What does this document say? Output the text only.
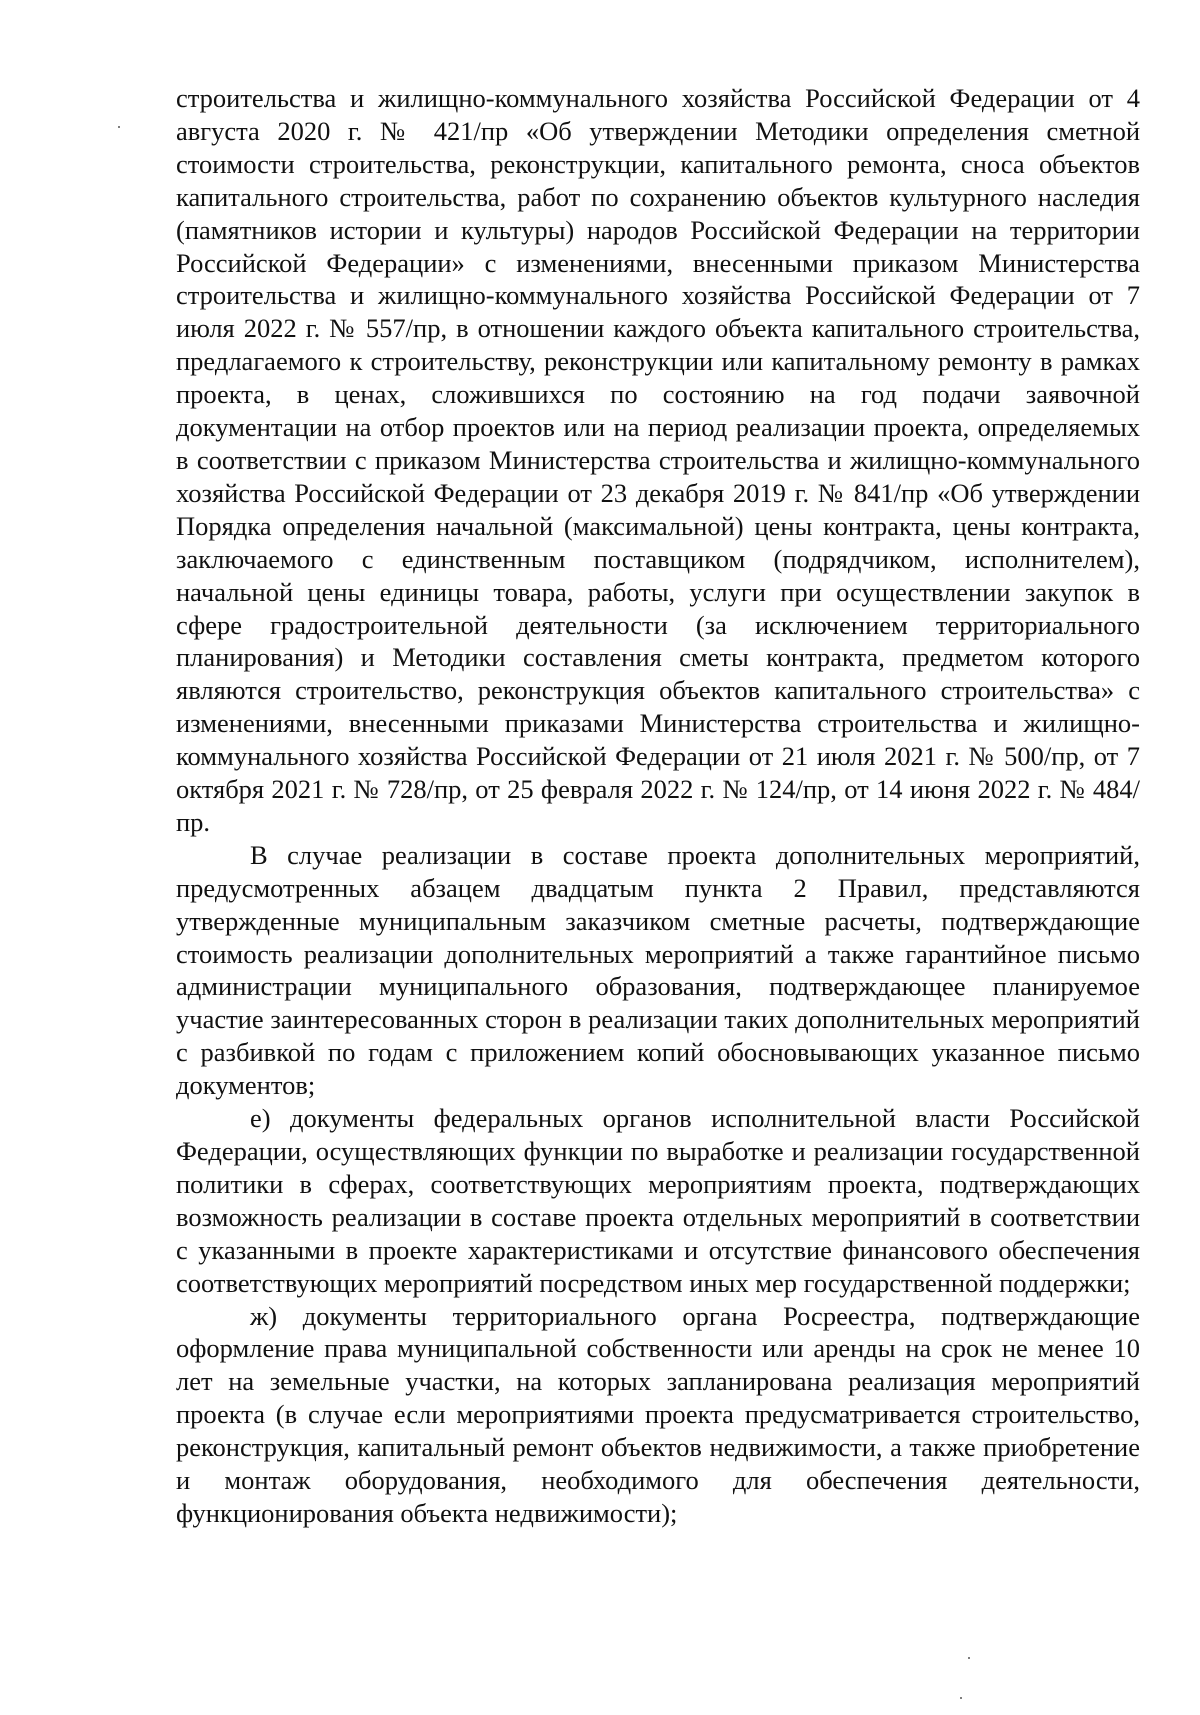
строительства и жилищно-коммунального хозяйства Российской Федерации от 4 августа 2020 г. № 421/пр «Об утверждении Методики определения сметной стоимости строительства, реконструкции, капитального ремонта, сноса объектов капитального строительства, работ по сохранению объектов культурного наследия (памятников истории и культуры) народов Российской Федерации на территории Российской Федерации» с изменениями, внесенными приказом Министерства строительства и жилищно-коммунального хозяйства Российской Федерации от 7 июля 2022 г. № 557/пр, в отношении каждого объекта капитального строительства, предлагаемого к строительству, реконструкции или капитальному ремонту в рамках проекта, в ценах, сложившихся по состоянию на год подачи заявочной документации на отбор проектов или на период реализации проекта, определяемых в соответствии с приказом Министерства строительства и жилищно-коммунального хозяйства Российской Федерации от 23 декабря 2019 г. № 841/пр «Об утверждении Порядка определения начальной (максимальной) цены контракта, цены контракта, заключаемого с единственным поставщиком (подрядчиком, исполнителем), начальной цены единицы товара, работы, услуги при осуществлении закупок в сфере градостроительной деятельности (за исключением территориального планирования) и Методики составления сметы контракта, предметом которого являются строительство, реконструкция объектов капитального строительства» с изменениями, внесенными приказами Министерства строительства и жилищно-коммунального хозяйства Российской Федерации от 21 июля 2021 г. № 500/пр, от 7 октября 2021 г. № 728/пр, от 25 февраля 2022 г. № 124/пр, от 14 июня 2022 г. № 484/пр.

В случае реализации в составе проекта дополнительных мероприятий, предусмотренных абзацем двадцатым пункта 2 Правил, представляются утвержденные муниципальным заказчиком сметные расчеты, подтверждающие стоимость реализации дополнительных мероприятий а также гарантийное письмо администрации муниципального образования, подтверждающее планируемое участие заинтересованных сторон в реализации таких дополнительных мероприятий с разбивкой по годам с приложением копий обосновывающих указанное письмо документов;

е) документы федеральных органов исполнительной власти Российской Федерации, осуществляющих функции по выработке и реализации государственной политики в сферах, соответствующих мероприятиям проекта, подтверждающих возможность реализации в составе проекта отдельных мероприятий в соответствии с указанными в проекте характеристиками и отсутствие финансового обеспечения соответствующих мероприятий посредством иных мер государственной поддержки;

ж) документы территориального органа Росреестра, подтверждающие оформление права муниципальной собственности или аренды на срок не менее 10 лет на земельные участки, на которых запланирована реализация мероприятий проекта (в случае если мероприятиями проекта предусматривается строительство, реконструкция, капитальный ремонт объектов недвижимости, а также приобретение и монтаж оборудования, необходимого для обеспечения деятельности, функционирования объекта недвижимости);
